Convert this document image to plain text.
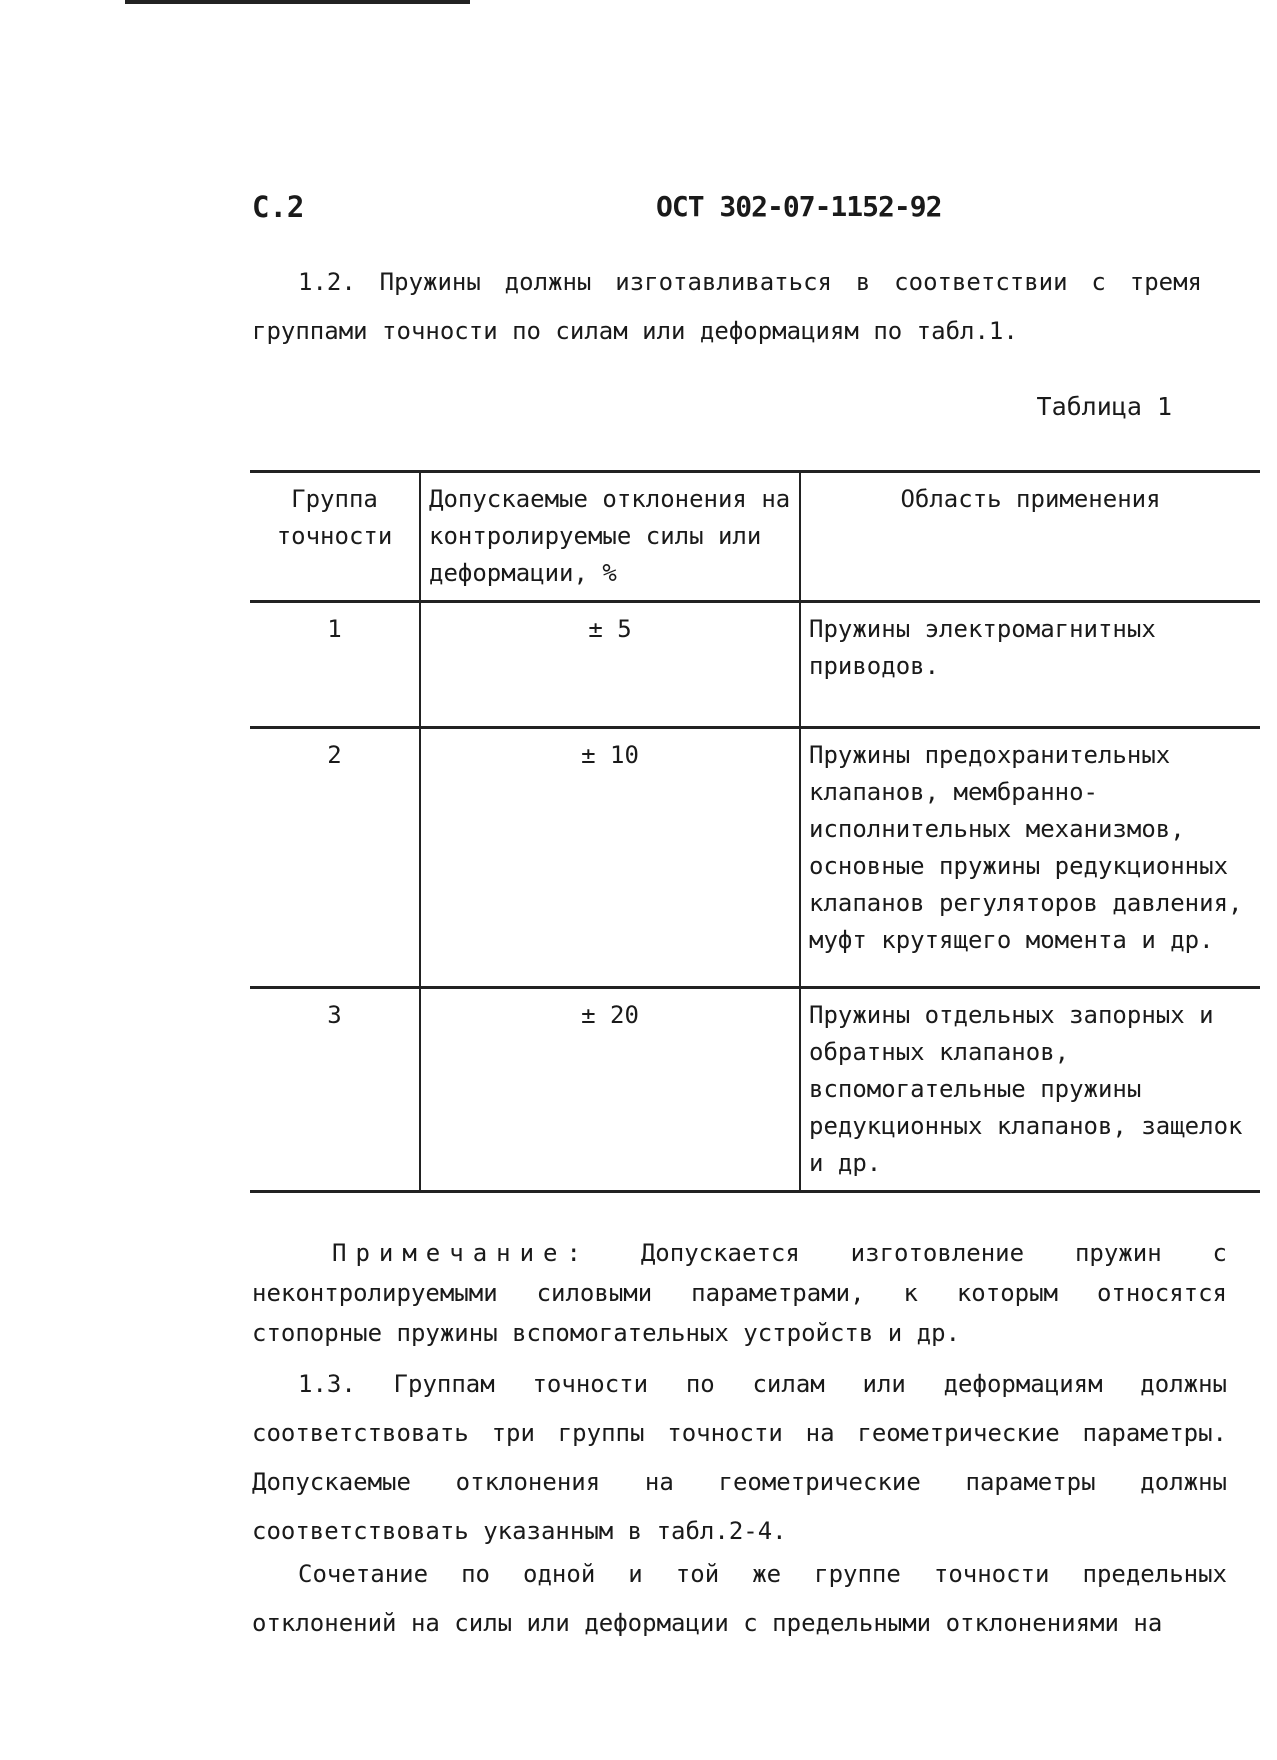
С.2	ОСТ 302-07-1152-92

1.2. Пружины должны изготавливаться в соответствии с тремя группами точности по силам или деформациям по табл.1.

Таблица 1
Группа точности	Допускаемые отклонения на контролируемые силы или деформации, %	Область применения
1	± 5	Пружины электромагнитных приводов.
2	± 10	Пружины предохранительных клапанов, мембранно-исполнительных механизмов, основные пружины редукционных клапанов регуляторов давления, муфт крутящего момента и др.
3	± 20	Пружины отдельных запорных и обратных клапанов, вспомогательные пружины редукционных клапанов, защелок и др.

Примечание: Допускается изготовление пружин с неконтролируемыми силовыми параметрами, к которым относятся стопорные пружины вспомогательных устройств и др.

1.3. Группам точности по силам или деформациям должны соответствовать три группы точности на геометрические параметры. Допускаемые отклонения на геометрические параметры должны соответствовать указанным в табл.2-4.

Сочетание по одной и той же группе точности предельных отклонений на силы или деформации с предельными отклонениями на
